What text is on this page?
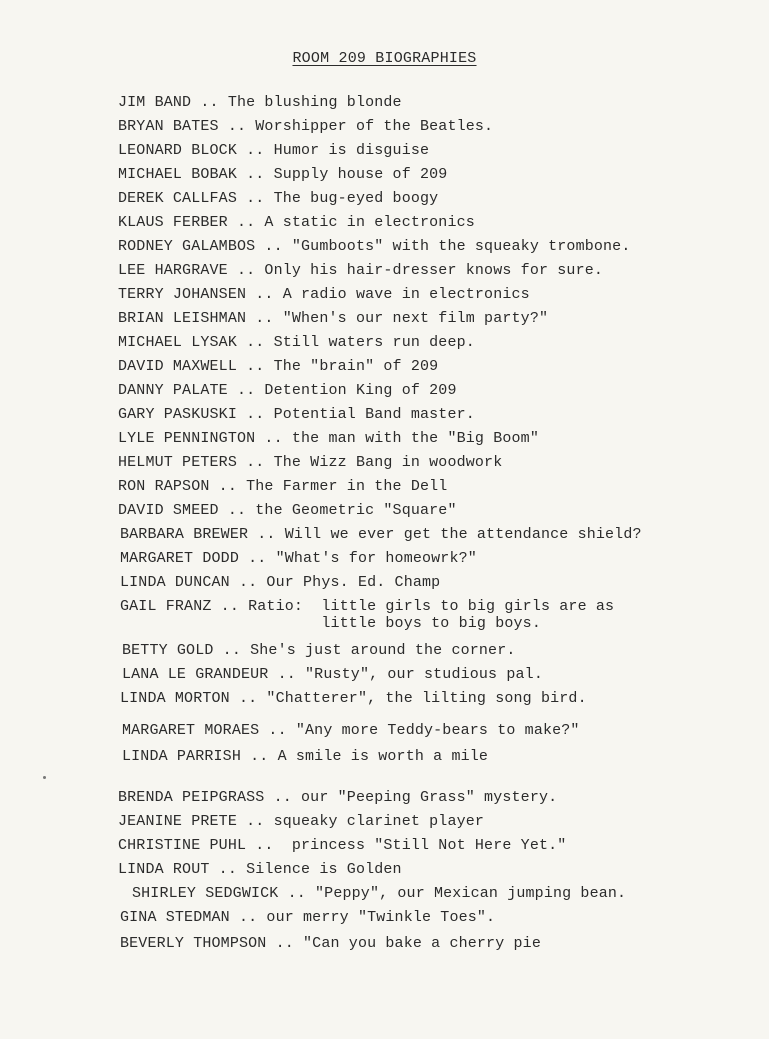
ROOM 209 BIOGRAPHIES
JIM BAND .. The blushing blonde
BRYAN BATES .. Worshipper of the Beatles.
LEONARD BLOCK .. Humor is disguise
MICHAEL BOBAK .. Supply house of 209
DEREK CALLFAS .. The bug-eyed boogy
KLAUS FERBER .. A static in electronics
RODNEY GALAMBOS .. "Gumboots" with the squeaky trombone.
LEE HARGRAVE .. Only his hair-dresser knows for sure.
TERRY JOHANSEN .. A radio wave in electronics
BRIAN LEISHMAN .. "When's our next film party?"
MICHAEL LYSAK .. Still waters run deep.
DAVID MAXWELL .. The "brain" of 209
DANNY PALATE .. Detention King of 209
GARY PASKUSKI .. Potential Band master.
LYLE PENNINGTON .. the man with the "Big Boom"
HELMUT PETERS .. The Wizz Bang in woodwork
RON RAPSON .. The Farmer in the Dell
DAVID SMEED .. the Geometric "Square"
BARBARA BREWER .. Will we ever get the attendance shield?
MARGARET DODD .. "What's for homeowrk?"
LINDA DUNCAN .. Our Phys. Ed. Champ
GAIL FRANZ .. Ratio:  little girls to big girls are as
little boys to big boys.
BETTY GOLD .. She's just around the corner.
LANA LE GRANDEUR .. "Rusty", our studious pal.
LINDA MORTON .. "Chatterer", the lilting song bird.
MARGARET MORAES .. "Any more Teddy-bears to make?"
LINDA PARRISH .. A smile is worth a mile
BRENDA PEIPGRASS .. our "Peeping Grass" mystery.
JEANINE PRETE .. squeaky clarinet player
CHRISTINE PUHL ..  princess "Still Not Here Yet."
LINDA ROUT .. Silence is Golden
SHIRLEY SEDGWICK .. "Peppy", our Mexican jumping bean.
GINA STEDMAN .. our merry "Twinkle Toes".
BEVERLY THOMPSON .. "Can you bake a cherry pie
